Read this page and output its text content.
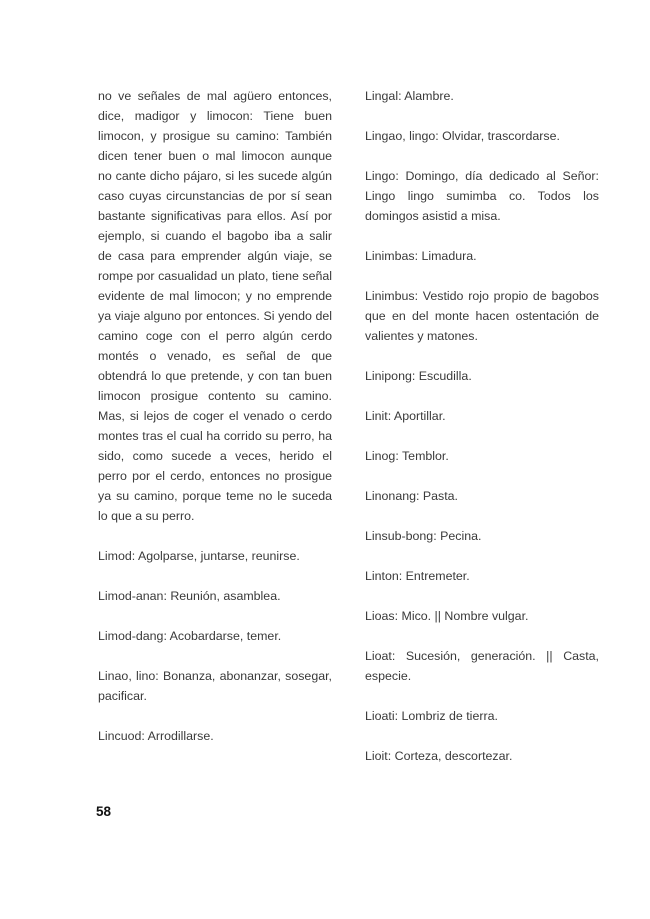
no ve señales de mal agüero entonces, dice, madigor y limocon: Tiene buen limocon, y prosigue su camino: También dicen tener buen o mal limocon aunque no cante dicho pájaro, si les sucede algún caso cuyas circunstancias de por sí sean bastante significativas para ellos. Así por ejemplo, si cuando el bagobo iba a salir de casa para emprender algún viaje, se rompe por casualidad un plato, tiene señal evidente de mal limocon; y no emprende ya viaje alguno por entonces. Si yendo del camino coge con el perro algún cerdo montés o venado, es señal de que obtendrá lo que pretende, y con tan buen limocon prosigue contento su camino. Mas, si lejos de coger el venado o cerdo montes tras el cual ha corrido su perro, ha sido, como sucede a veces, herido el perro por el cerdo, entonces no prosigue ya su camino, porque teme no le suceda lo que a su perro.

Limod: Agolparse, juntarse, reunirse.

Limod-anan: Reunión, asamblea.

Limod-dang: Acobardarse, temer.

Linao, lino: Bonanza, abonanzar, sosegar, pacificar.

Lincuod: Arrodillarse.

Lingal: Alambre.

Lingao, lingo: Olvidar, trascordarse.

Lingo: Domingo, día dedicado al Señor: Lingo lingo sumimba co. Todos los domingos asistid a misa.

Linimbas: Limadura.

Linimbus: Vestido rojo propio de bagobos que en del monte hacen ostentación de valientes y matones.

Linipong: Escudilla.

Linit: Aportillar.

Linog: Temblor.

Linonang: Pasta.

Linsub-bong: Pecina.

Linton: Entremeter.

Lioas: Mico. || Nombre vulgar.

Lioat: Sucesión, generación. || Casta, especie.

Lioati: Lombriz de tierra.

Lioit: Corteza, descortezar.

58
